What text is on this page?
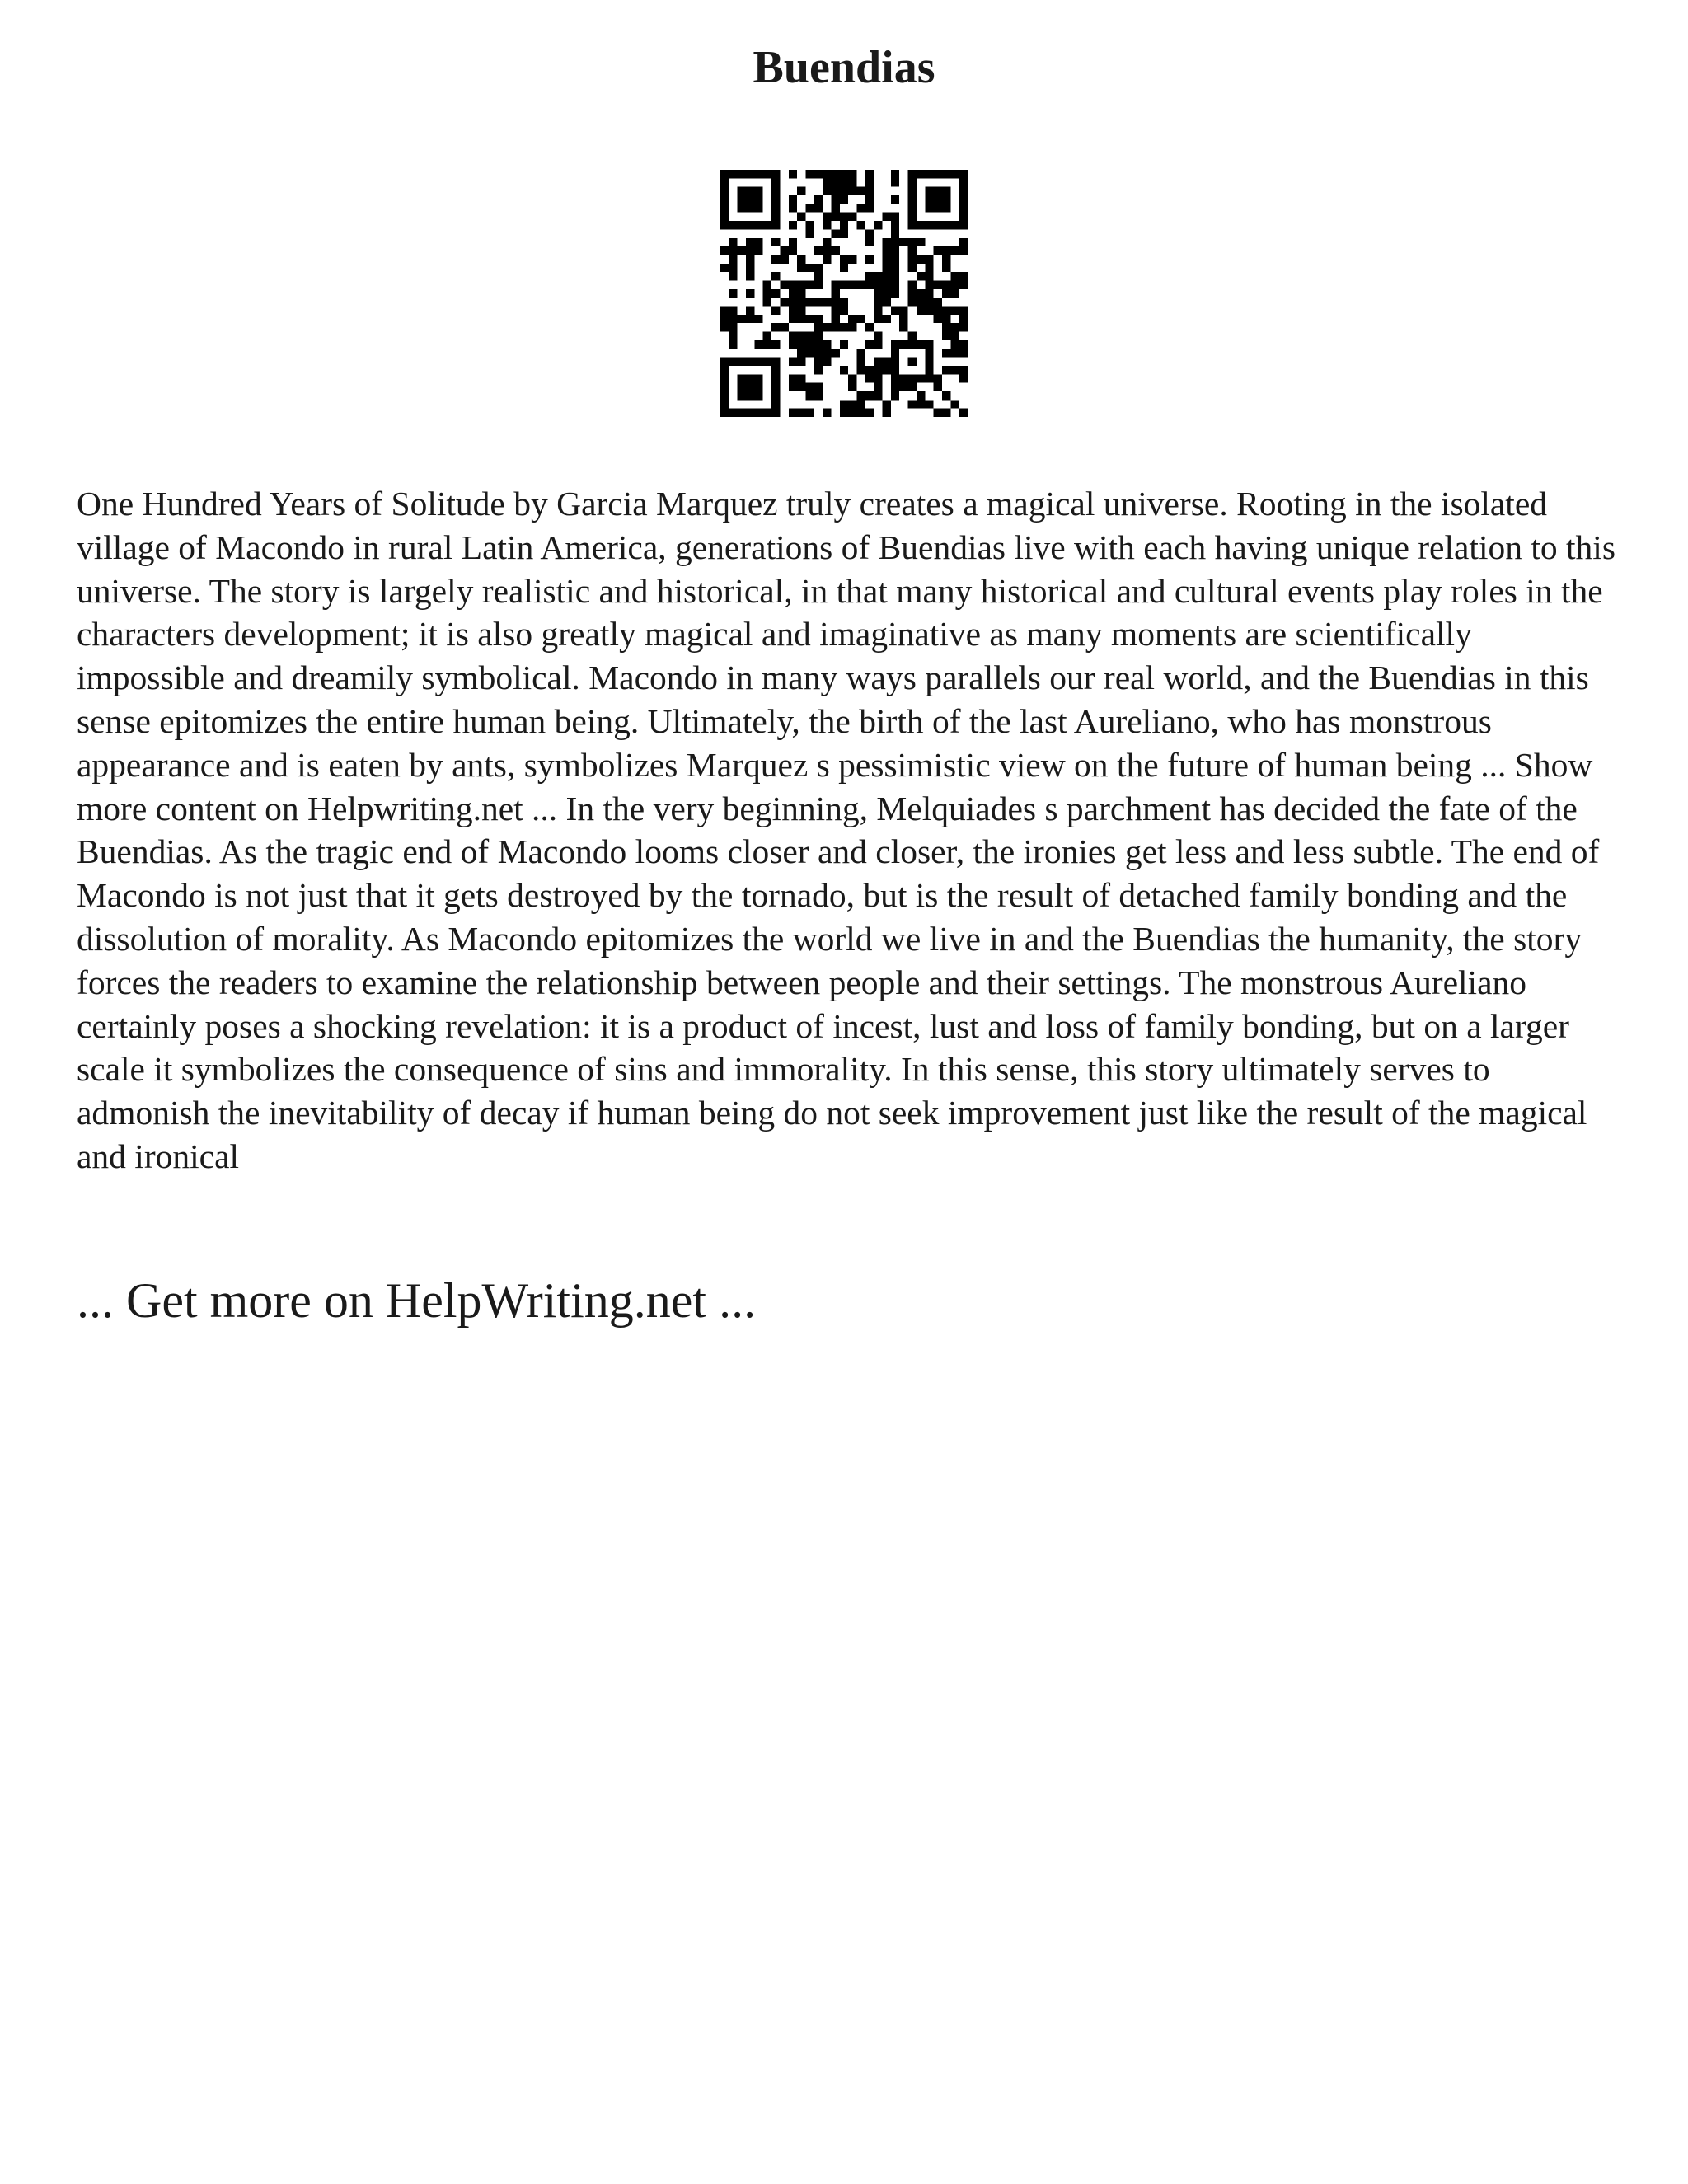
Buendias

One Hundred Years of Solitude by Garcia Marquez truly creates a magical universe. Rooting in the isolated village of Macondo in rural Latin America, generations of Buendias live with each having unique relation to this universe. The story is largely realistic and historical, in that many historical and cultural events play roles in the characters development; it is also greatly magical and imaginative as many moments are scientifically impossible and dreamily symbolical. Macondo in many ways parallels our real world, and the Buendias in this sense epitomizes the entire human being. Ultimately, the birth of the last Aureliano, who has monstrous appearance and is eaten by ants, symbolizes Marquez s pessimistic view on the future of human being ... Show more content on Helpwriting.net ... In the very beginning, Melquiades s parchment has decided the fate of the Buendias. As the tragic end of Macondo looms closer and closer, the ironies get less and less subtle. The end of Macondo is not just that it gets destroyed by the tornado, but is the result of detached family bonding and the dissolution of morality. As Macondo epitomizes the world we live in and the Buendias the humanity, the story forces the readers to examine the relationship between people and their settings. The monstrous Aureliano certainly poses a shocking revelation: it is a product of incest, lust and loss of family bonding, but on a larger scale it symbolizes the consequence of sins and immorality. In this sense, this story ultimately serves to admonish the inevitability of decay if human being do not seek improvement just like the result of the magical and ironical

... Get more on HelpWriting.net ...
